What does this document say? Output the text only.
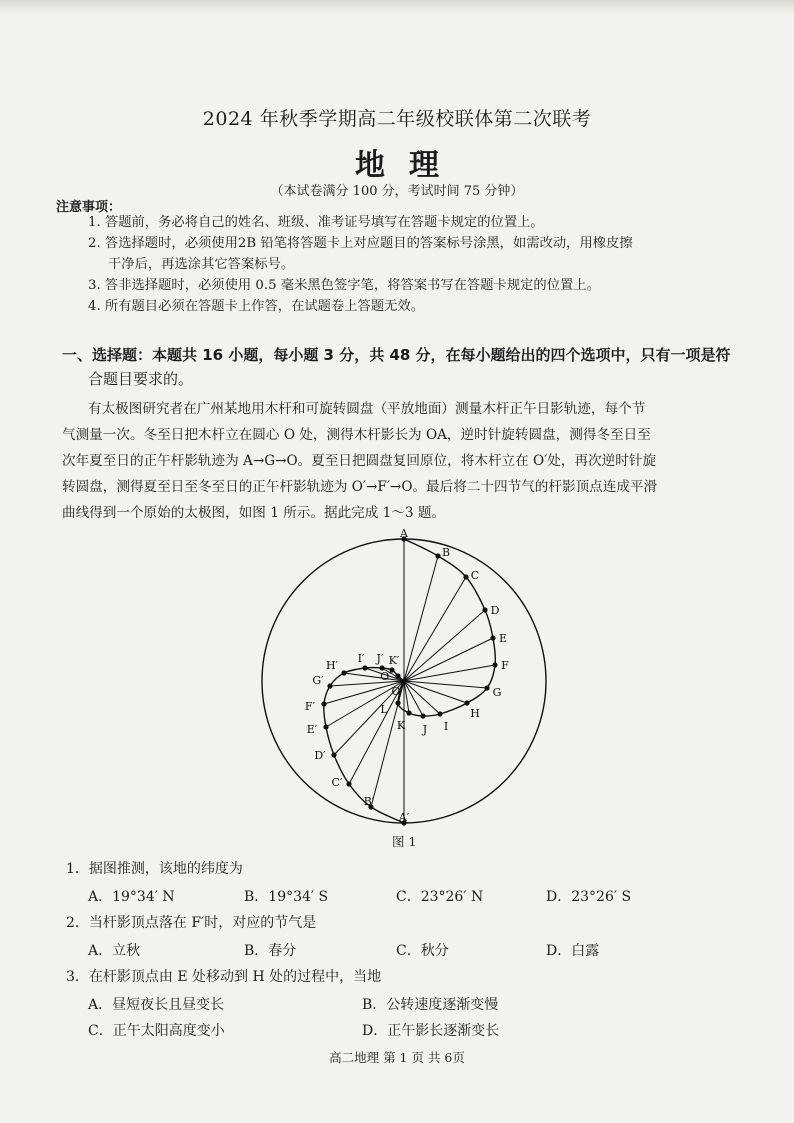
2024 年秋季学期高二年级校联体第二次联考
地理
（本试卷满分 100 分，考试时间 75 分钟）
注意事项：
1. 答题前，务必将自己的姓名、班级、准考证号填写在答题卡规定的位置上。
2. 答选择题时，必须使用2B 铅笔将答题卡上对应题目的答案标号涂黑，如需改动，用橡皮擦
干净后，再选涂其它答案标号。
3. 答非选择题时，必须使用 0.5 毫米黑色签字笔，将答案书写在答题卡规定的位置上。
4. 所有题目必须在答题卡上作答，在试题卷上答题无效。
一、选择题：本题共 16 小题，每小题 3 分，共 48 分，在每小题给出的四个选项中，只有一项是符
合题目要求的。

有太极图研究者在广州某地用木杆和可旋转圆盘（平放地面）测量木杆正午日影轨迹，每个节

气测量一次。冬至日把木杆立在圆心 O 处，测得木杆影长为 OA，逆时针旋转圆盘，测得冬至日至

次年夏至日的正午杆影轨迹为 A→G→O。夏至日把圆盘复回原位，将木杆立在 O′处，再次逆时针旋

转圆盘，测得夏至日至冬至日的正午杆影轨迹为 O′→F′→O。最后将二十四节气的杆影顶点连成平滑

曲线得到一个原始的太极图，如图 1 所示。据此完成 1～3 题。

A
B
C
D
E
F
G
H
I
J
K
L
A′
B′
C′
D′
E′
F′
G′
H′
I′ J′ K′
O′
O
图 1
1．据图推测，该地的纬度为
A．19°34′ N	B．19°34′ S	C．23°26′ N	D．23°26′ S
2．当杆影顶点落在 F′时，对应的节气是
A．立秋	B．春分	C．秋分	D．白露
3．在杆影顶点由 E 处移动到 H 处的过程中，当地
A．昼短夜长且昼变长	B．公转速度逐渐变慢
C．正午太阳高度变小	D．正午影长逐渐变长
高二地理 第 1 页 共 6页
